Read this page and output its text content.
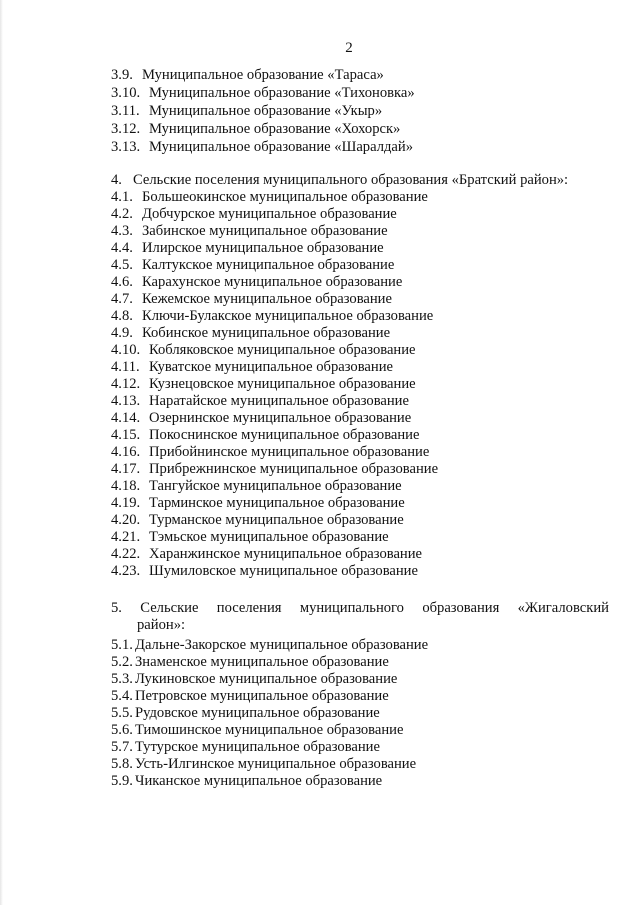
2
3.9. Муниципальное образование «Тараса»
3.10. Муниципальное образование «Тихоновка»
3.11. Муниципальное образование «Укыр»
3.12. Муниципальное образование «Хохорск»
3.13. Муниципальное образование «Шаралдай»
4. Сельские поселения муниципального образования «Братский район»:
4.1. Большеокинское муниципальное образование
4.2. Добчурское муниципальное образование
4.3. Забинское муниципальное образование
4.4. Илирское муниципальное образование
4.5. Калтукское муниципальное образование
4.6. Карахунское муниципальное образование
4.7. Кежемское муниципальное образование
4.8. Ключи-Булакское муниципальное образование
4.9. Кобинское муниципальное образование
4.10. Кобляковское муниципальное образование
4.11. Куватское муниципальное образование
4.12. Кузнецовское муниципальное образование
4.13. Наратайское муниципальное образование
4.14. Озернинское муниципальное образование
4.15. Покоснинское муниципальное образование
4.16. Прибойнинское муниципальное образование
4.17. Прибрежнинское муниципальное образование
4.18. Тангуйское муниципальное образование
4.19. Тарминское муниципальное образование
4.20. Турманское муниципальное образование
4.21. Тэмьское муниципальное образование
4.22. Харанжинское муниципальное образование
4.23. Шумиловское муниципальное образование
5. Сельские поселения муниципального образования «Жигаловский
район»:
5.1. Дальне-Закорское муниципальное образование
5.2. Знаменское муниципальное образование
5.3. Лукиновское муниципальное образование
5.4. Петровское муниципальное образование
5.5. Рудовское муниципальное образование
5.6. Тимошинское муниципальное образование
5.7. Тутурское муниципальное образование
5.8. Усть-Илгинское муниципальное образование
5.9. Чиканское муниципальное образование
